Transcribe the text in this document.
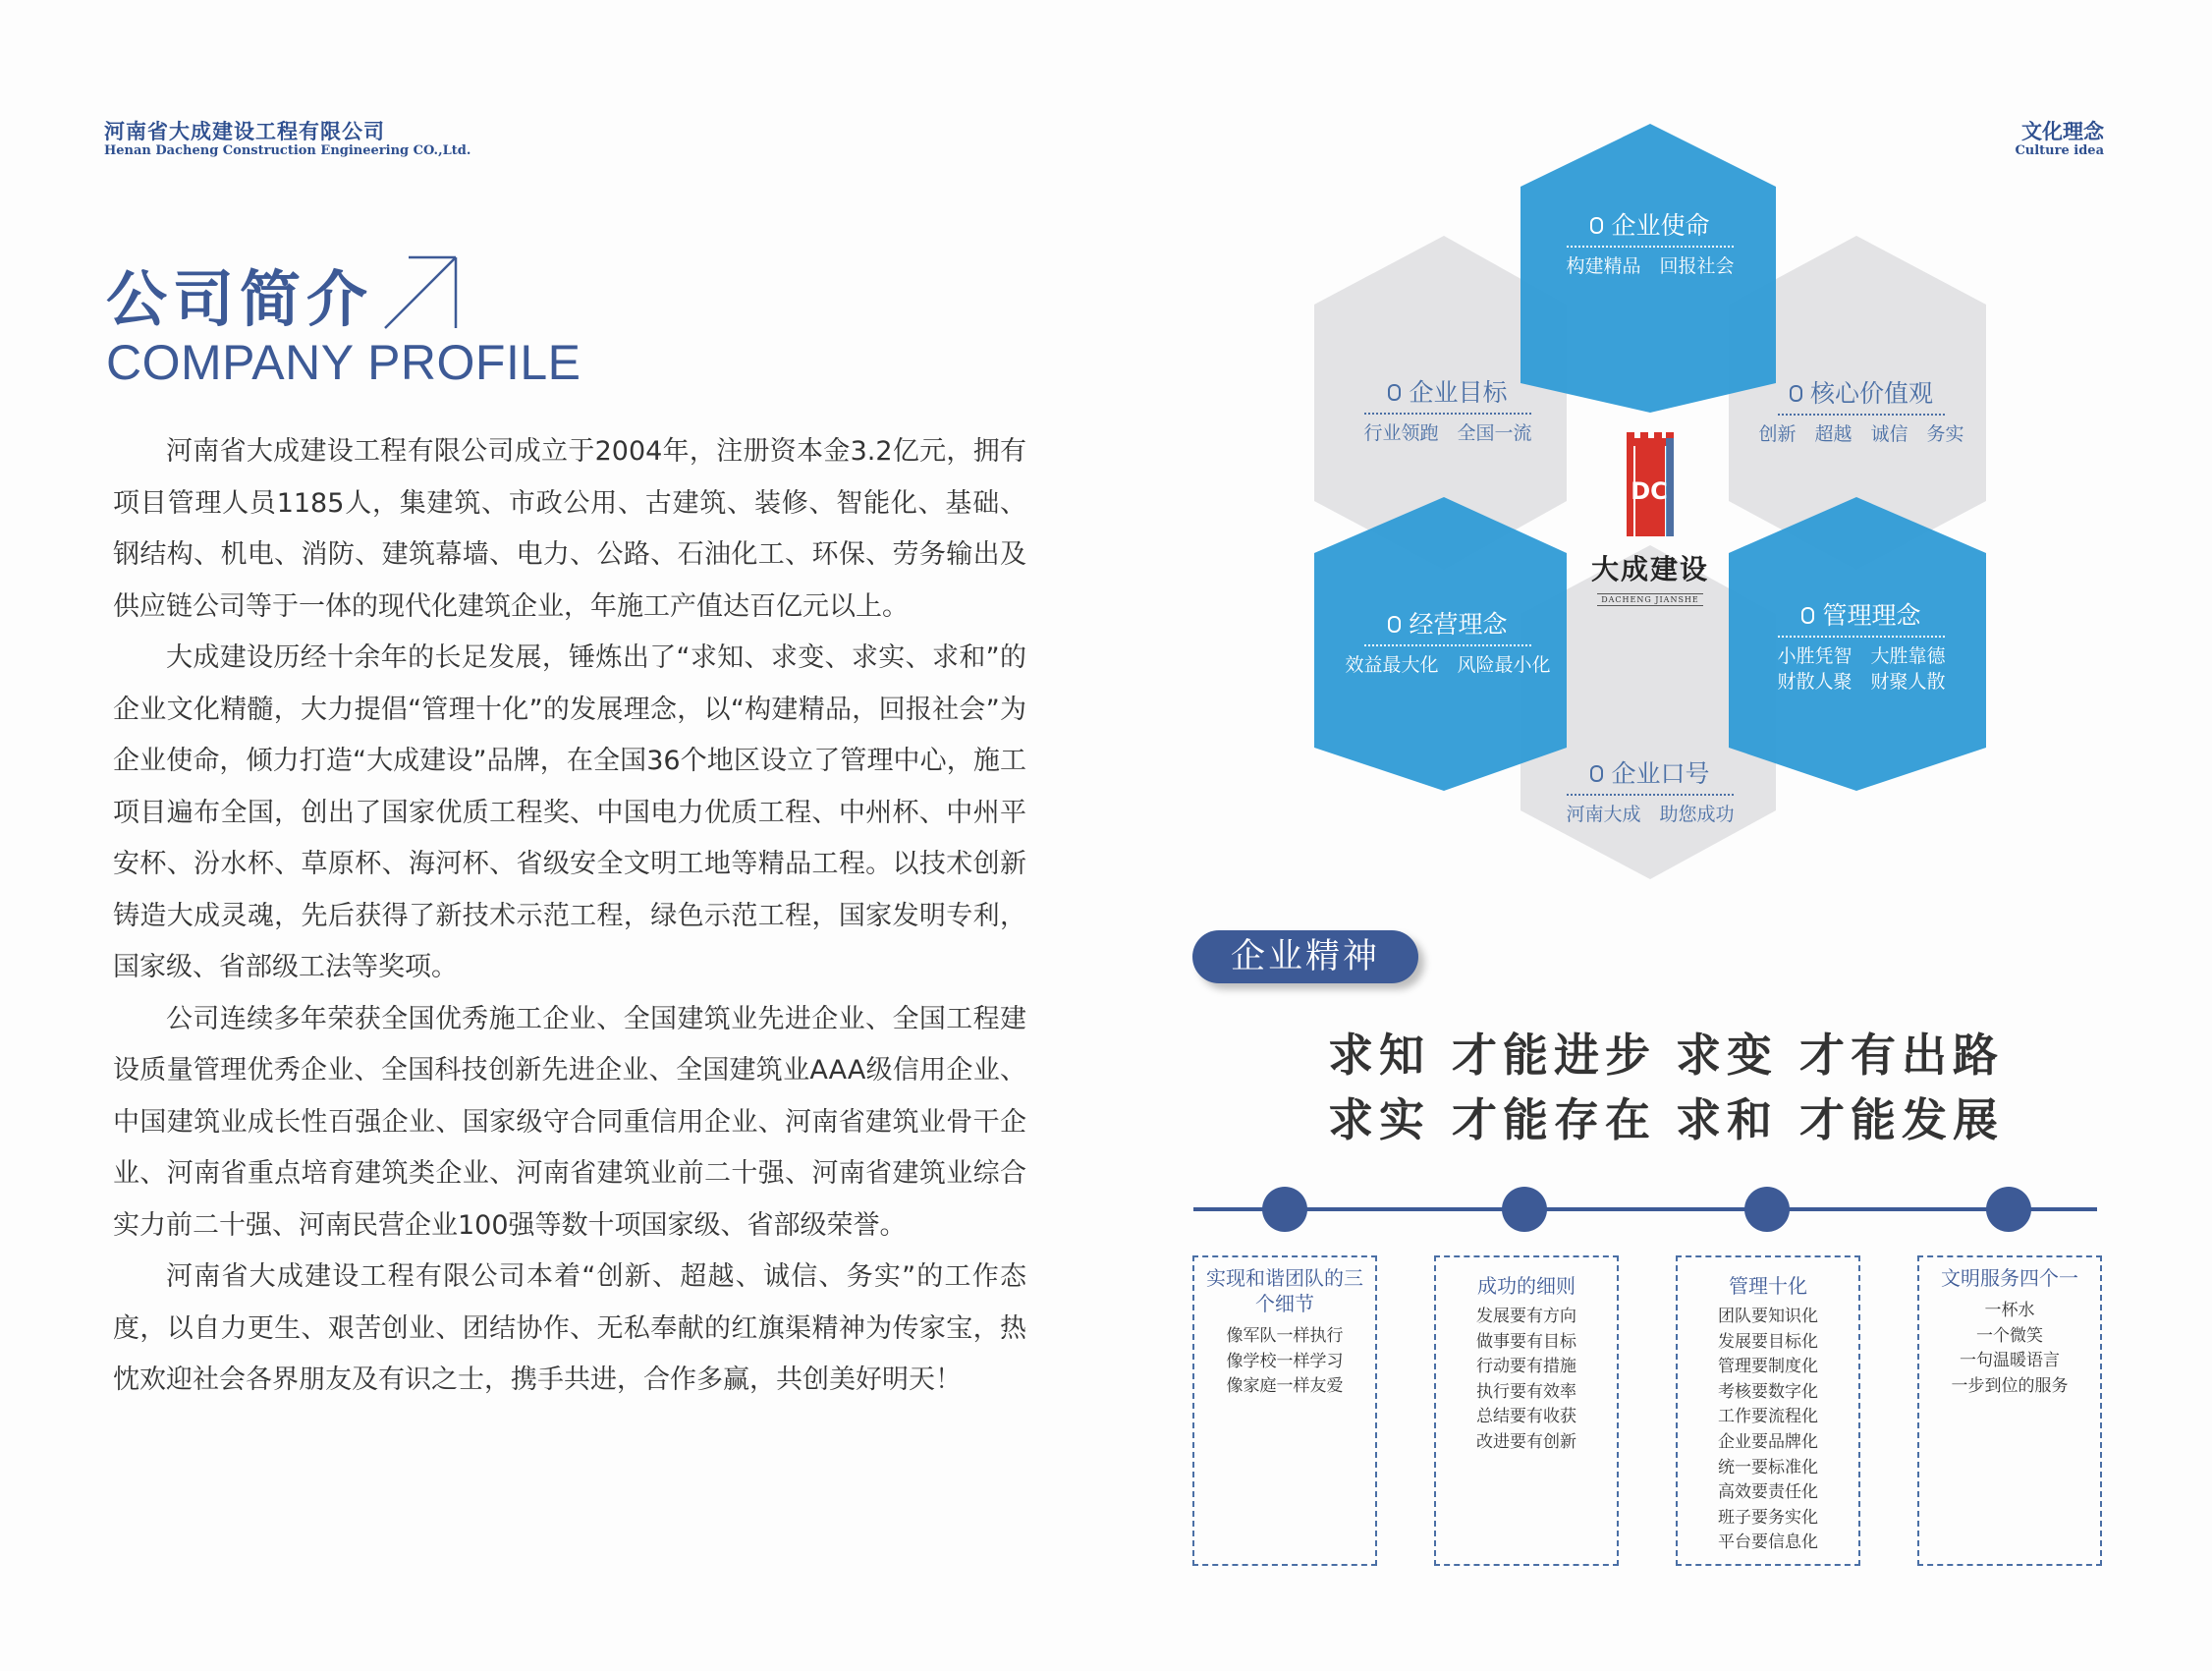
河南省大成建设工程有限公司
Henan Dacheng Construction Engineering CO.,Ltd.
文化理念
Culture idea
公司简介
COMPANY PROFILE

河南省大成建设工程有限公司成立于2004年，注册资本金3.2亿元，拥有项目管理人员1185人，集建筑、市政公用、古建筑、装修、智能化、基础、钢结构、机电、消防、建筑幕墙、电力、公路、石油化工、环保、劳务输出及供应链公司等于一体的现代化建筑企业，年施工产值达百亿元以上。

大成建设历经十余年的长足发展，锤炼出了“求知、求变、求实、求和”的企业文化精髓，大力提倡“管理十化”的发展理念，以“构建精品，回报社会”为企业使命，倾力打造“大成建设”品牌，在全国36个地区设立了管理中心，施工项目遍布全国，创出了国家优质工程奖、中国电力优质工程、中州杯、中州平安杯、汾水杯、草原杯、海河杯、省级安全文明工地等精品工程。以技术创新铸造大成灵魂，先后获得了新技术示范工程，绿色示范工程，国家发明专利，国家级、省部级工法等奖项。

公司连续多年荣获全国优秀施工企业、全国建筑业先进企业、全国工程建设质量管理优秀企业、全国科技创新先进企业、全国建筑业AAA级信用企业、中国建筑业成长性百强企业、国家级守合同重信用企业、河南省建筑业骨干企业、河南省重点培育建筑类企业、河南省建筑业前二十强、河南省建筑业综合实力前二十强、河南民营企业100强等数十项国家级、省部级荣誉。

河南省大成建设工程有限公司本着“创新、超越、诚信、务实”的工作态度，以自力更生、艰苦创业、团结协作、无私奉献的红旗渠精神为传家宝，热忱欢迎社会各界朋友及有识之士，携手共进，合作多赢，共创美好明天！

企业使命
构建精品　回报社会
企业目标
行业领跑　全国一流
核心价值观
创新　超越　诚信　务实
经营理念
效益最大化　风险最小化
管理理念
小胜凭智　大胜靠德
财散人聚　财聚人散
企业口号
河南大成　助您成功
DC
大成建设
DACHENG JIANSHE
企业精神
求知 才能进步 求变 才有出路
求实 才能存在 求和 才能发展
实现和谐团队的三个细节
像军队一样执行
像学校一样学习
像家庭一样友爱
成功的细则
发展要有方向
做事要有目标
行动要有措施
执行要有效率
总结要有收获
改进要有创新
管理十化
团队要知识化
发展要目标化
管理要制度化
考核要数字化
工作要流程化
企业要品牌化
统一要标准化
高效要责任化
班子要务实化
平台要信息化
文明服务四个一
一杯水
一个微笑
一句温暖语言
一步到位的服务
